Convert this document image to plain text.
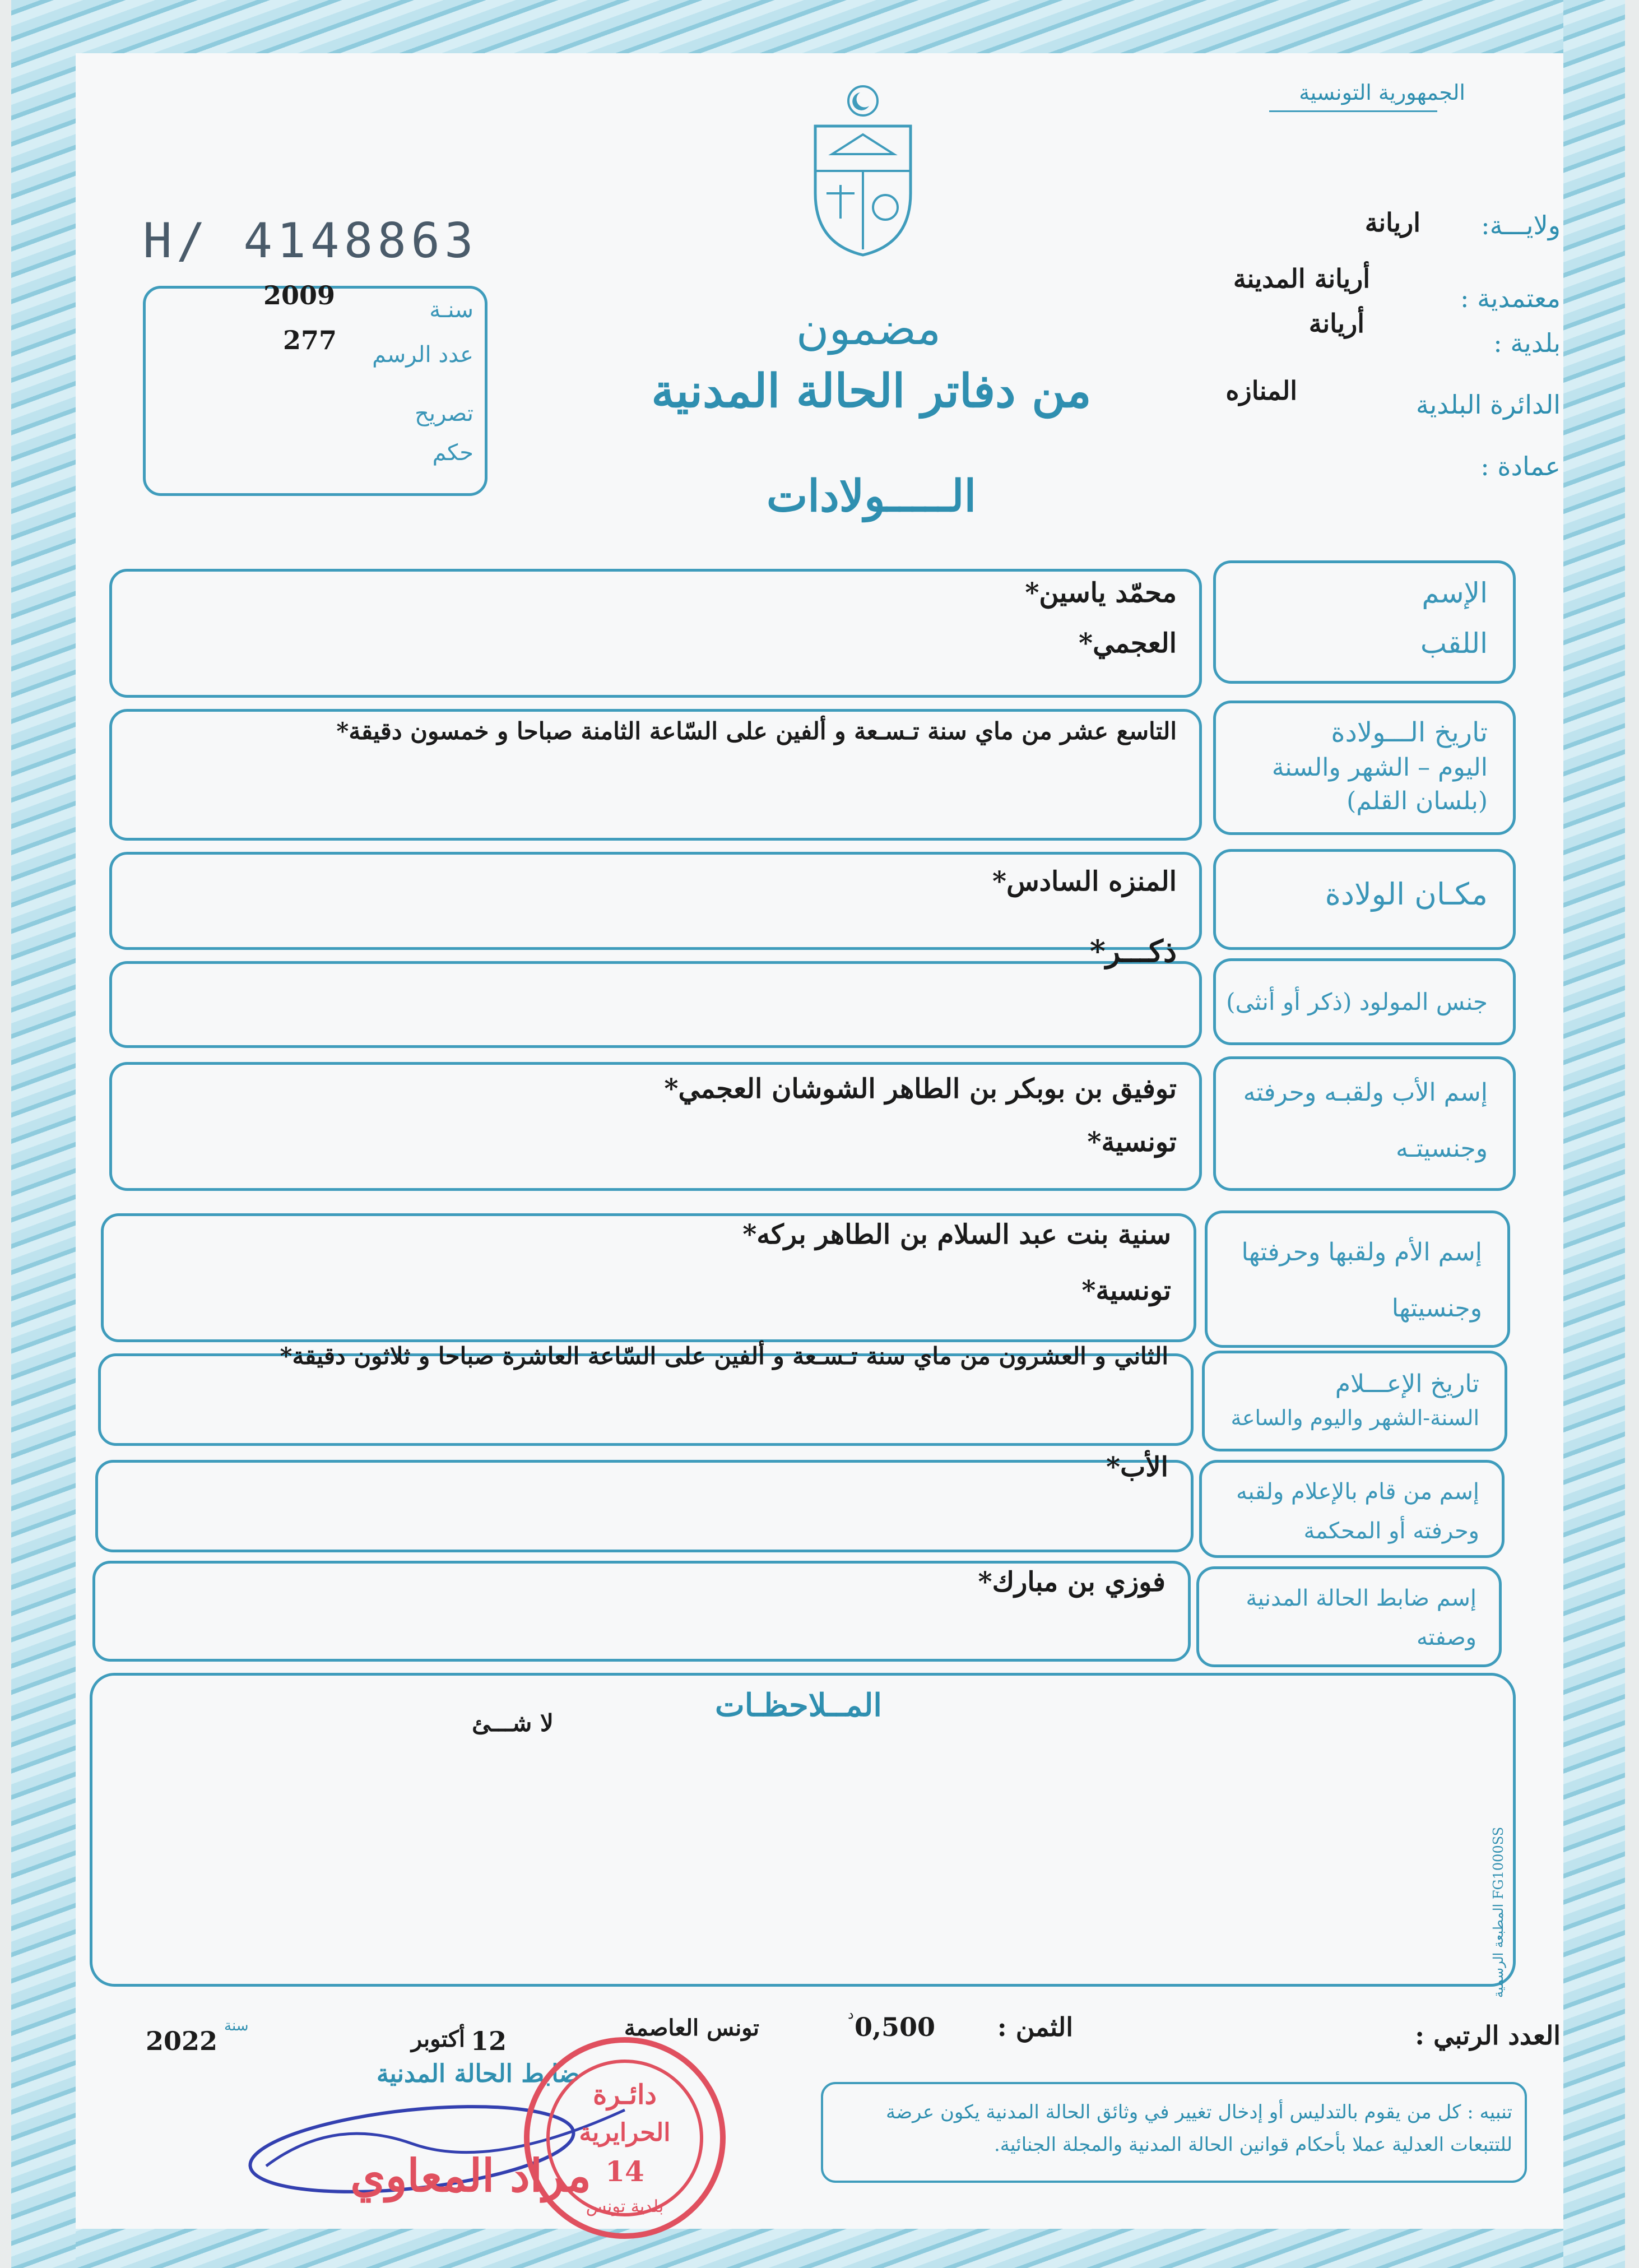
الجمهورية التونسية
H/ 4148863
2009
277
سنـة
عدد الرسم
تصريح
حكم
مضمون
من دفاتر الحالة المدنية
الـــــولادات
ولايـــة:
اريانة
معتمدية :
أريانة المدينة
بلدية :
أريانة
الدائرة البلدية
المنازه
عمادة :
الإسم
اللقب
محمّد ياسين*
العجمي*
تاريخ الـــولادة
اليوم – الشهر والسنة
(بلسان القلم)
التاسع عشر من ماي سنة تـسـعة و ألفين على السّاعة الثامنة صباحا و خمسون دقيقة*
مكـان الولادة
المنزه السادس*
جنس المولود (ذكر أو أنثى)
ذكـــر*
إسم الأب ولقبـه وحرفته
وجنسيتـه
توفيق بن بوبكر بن الطاهر الشوشان العجمي*
تونسية*
إسم الأم ولقبها وحرفتها
وجنسيتها
سنية بنت عبد السلام بن الطاهر بركه*
تونسية*
تاريخ الإعـــلام
السنة-الشهر واليوم والساعة
الثاني و العشرون من ماي سنة تـسـعة و ألفين على السّاعة العاشرة صباحا و ثلاثون دقيقة*
إسم من قام بالإعلام ولقبه
وحرفته أو المحكمة
الأب*
إسم ضابط الحالة المدنية
وصفته
فوزي بن مبارك*
المــلاحظـات
لا شـــئ
المطبعة الرسمية FG1000SS
العدد الرتبي :
الثمن :
0,500
د
تونس العاصمة
12
أكتوبر
سنة
2022
ضابط الحالة المدنية
مراد المعاوي
دائـرة
الحرايرية
14
بلدية تونس
تنبيه : كل من يقوم بالتدليس أو إدخال تغيير في وثائق الحالة المدنية يكون عرضة للتتبعات العدلية عملا بأحكام قوانين الحالة المدنية والمجلة الجنائية.
